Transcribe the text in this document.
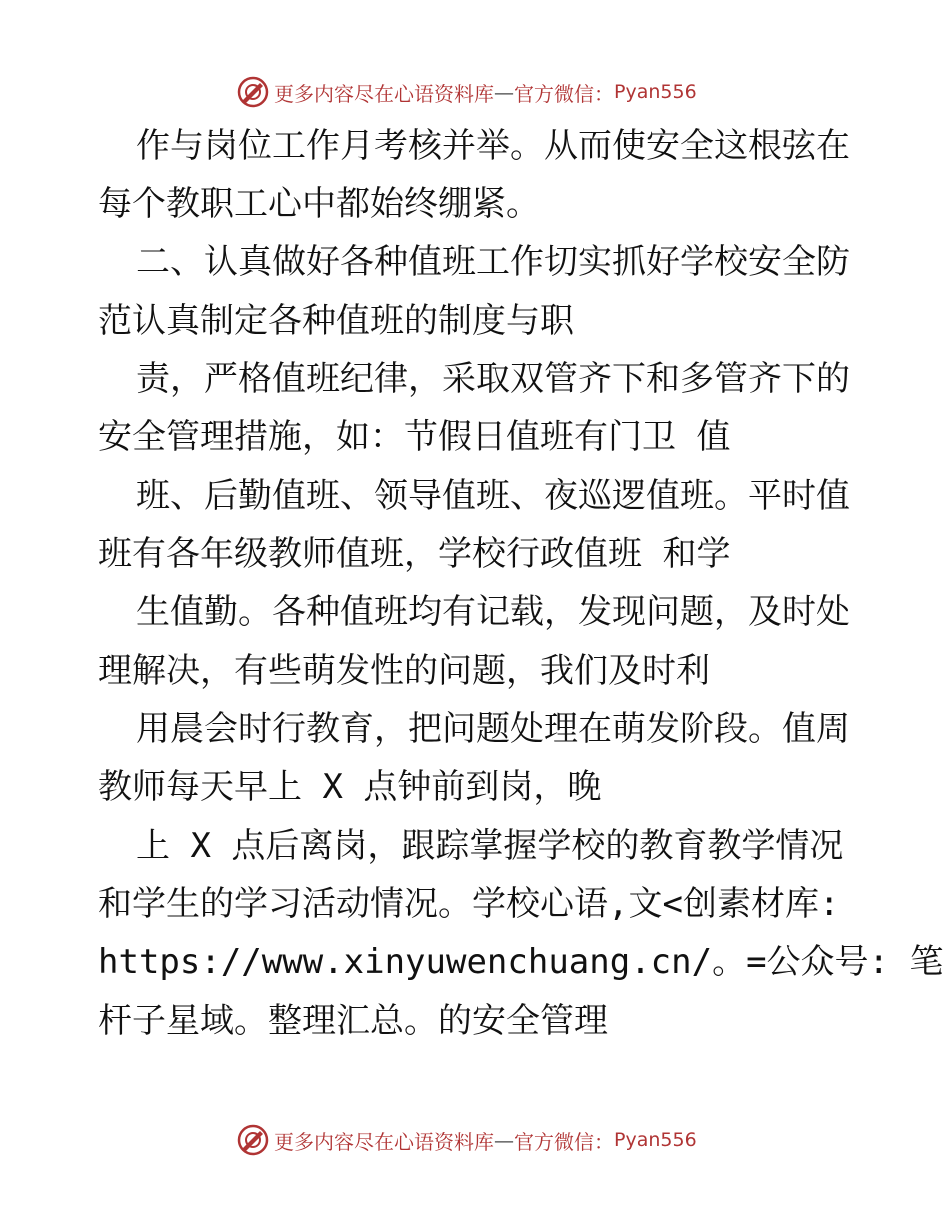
更多内容尽在心语资料库 — 官方微信： Pyan556
作与岗位工作月考核并举。从而使安全这根弦在
每个教职工心中都始终绷紧。
二、认真做好各种值班工作切实抓好学校安全防
范认真制定各种值班的制度与职
责，严格值班纪律，采取双管齐下和多管齐下的
安全管理措施，如：节假日值班有门卫 值
班、后勤值班、领导值班、夜巡逻值班。平时值
班有各年级教师值班，学校行政值班 和学
生值勤。各种值班均有记载，发现问题，及时处
理解决，有些萌发性的问题，我们及时利
用晨会时行教育，把问题处理在萌发阶段。值周
教师每天早上 X 点钟前到岗，晚
上 X 点后离岗，跟踪掌握学校的教育教学情况
和学生的学习活动情况。学校心语,文<创素材库:
https://www.xinyuwenchuang.cn/。=公众号: 笔
杆子星域。整理汇总。的安全管理
更多内容尽在心语资料库 — 官方微信： Pyan556
